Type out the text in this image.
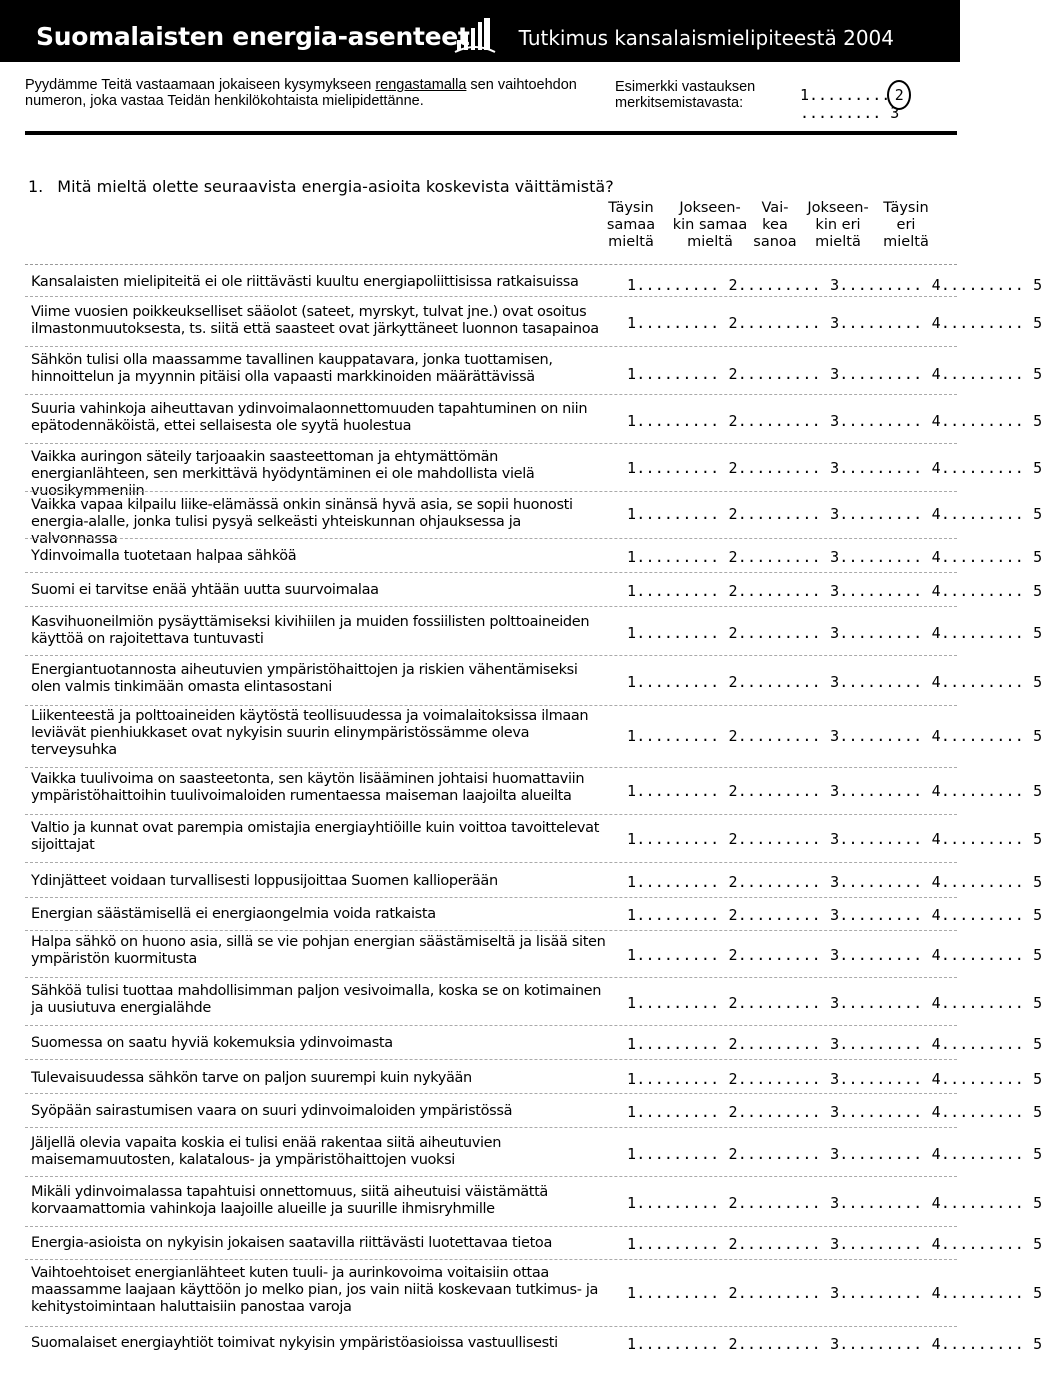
Suomalaisten energia-asenteet Tutkimus kansalaismielipiteestä 2004
Pyydämme Teitä vastaamaan jokaiseen kysymykseen rengastamalla sen vaihtoehdon numeron, joka vastaa Teidän henkilökohtaista mielipidettänne.
Esimerkki vastauksen merkitsemistavasta:	1......... 2......... 3
1. Mitä mieltä olette seuraavista energia-asioita koskevista väittämistä?
Täysin
samaa
mieltä
Jokseen-
kin samaa
mieltä
Vai-
kea
sanoa
Jokseen-
kin eri
mieltä
Täysin
eri
mieltä
Kansalaisten mielipiteitä ei ole riittävästi kuultu energiapoliittisissa ratkaisuissa	1......... 2......... 3......... 4......... 5
Viime vuosien poikkeukselliset sääolot (sateet, myrskyt, tulvat jne.) ovat osoitus ilmastonmuutoksesta, ts. siitä että saasteet ovat järkyttäneet luonnon tasapainoa	1......... 2......... 3......... 4......... 5
Sähkön tulisi olla maassamme tavallinen kauppatavara, jonka tuottamisen, hinnoittelun ja myynnin pitäisi olla vapaasti markkinoiden määrättävissä	1......... 2......... 3......... 4......... 5
Suuria vahinkoja aiheuttavan ydinvoimalaonnettomuuden tapahtuminen on niin epätodennäköistä, ettei sellaisesta ole syytä huolestua	1......... 2......... 3......... 4......... 5
Vaikka auringon säteily tarjoaakin saasteettoman ja ehtymättömän energianlähteen, sen merkittävä hyödyntäminen ei ole mahdollista vielä vuosikymmeniin
1......... 2......... 3......... 4......... 5
Vaikka vapaa kilpailu liike-elämässä onkin sinänsä hyvä asia, se sopii huonosti energia-alalle, jonka tulisi pysyä selkeästi yhteiskunnan ohjauksessa ja valvonnassa
1......... 2......... 3......... 4......... 5
Ydinvoimalla tuotetaan halpaa sähköä	1......... 2......... 3......... 4......... 5
Suomi ei tarvitse enää yhtään uutta suurvoimalaa	1......... 2......... 3......... 4......... 5
Kasvihuoneilmiön pysäyttämiseksi kivihiilen ja muiden fossiilisten polttoaineiden käyttöä on rajoitettava tuntuvasti	1......... 2......... 3......... 4......... 5
Energiantuotannosta aiheutuvien ympäristöhaittojen ja riskien vähentämiseksi olen valmis tinkimään omasta elintasostani	1......... 2......... 3......... 4......... 5
Liikenteestä ja polttoaineiden käytöstä teollisuudessa ja voimalaitoksissa ilmaan leviävät pienhiukkaset ovat nykyisin suurin elinympäristössämme oleva terveysuhka
1......... 2......... 3......... 4......... 5
Vaikka tuulivoima on saasteetonta, sen käytön lisääminen johtaisi huomattaviin ympäristöhaittoihin tuulivoimaloiden rumentaessa maiseman laajoilta alueilta	1......... 2......... 3......... 4......... 5
Valtio ja kunnat ovat parempia omistajia energiayhtiöille kuin voittoa tavoittelevat sijoittajat	1......... 2......... 3......... 4......... 5
Ydinjätteet voidaan turvallisesti loppusijoittaa Suomen kallioperään	1......... 2......... 3......... 4......... 5
Energian säästämisellä ei energiaongelmia voida ratkaista	1......... 2......... 3......... 4......... 5
Halpa sähkö on huono asia, sillä se vie pohjan energian säästämiseltä ja lisää siten ympäristön kuormitusta	1......... 2......... 3......... 4......... 5
Sähköä tulisi tuottaa mahdollisimman paljon vesivoimalla, koska se on kotimainen ja uusiutuva energialähde	1......... 2......... 3......... 4......... 5
Suomessa on saatu hyviä kokemuksia ydinvoimasta	1......... 2......... 3......... 4......... 5
Tulevaisuudessa sähkön tarve on paljon suurempi kuin nykyään	1......... 2......... 3......... 4......... 5
Syöpään sairastumisen vaara on suuri ydinvoimaloiden ympäristössä	1......... 2......... 3......... 4......... 5
Jäljellä olevia vapaita koskia ei tulisi enää rakentaa siitä aiheutuvien maisemamuutosten, kalatalous- ja ympäristöhaittojen vuoksi	1......... 2......... 3......... 4......... 5
Mikäli ydinvoimalassa tapahtuisi onnettomuus, siitä aiheutuisi väistämättä korvaamattomia vahinkoja laajoille alueille ja suurille ihmisryhmille	1......... 2......... 3......... 4......... 5
Energia-asioista on nykyisin jokaisen saatavilla riittävästi luotettavaa tietoa	1......... 2......... 3......... 4......... 5
Vaihtoehtoiset energianlähteet kuten tuuli- ja aurinkovoima voitaisiin ottaa maassamme laajaan käyttöön jo melko pian, jos vain niitä koskevaan tutkimus- ja kehitystoimintaan haluttaisiin panostaa varoja
1......... 2......... 3......... 4......... 5
Suomalaiset energiayhtiöt toimivat nykyisin ympäristöasioissa vastuullisesti	1......... 2......... 3......... 4......... 5
